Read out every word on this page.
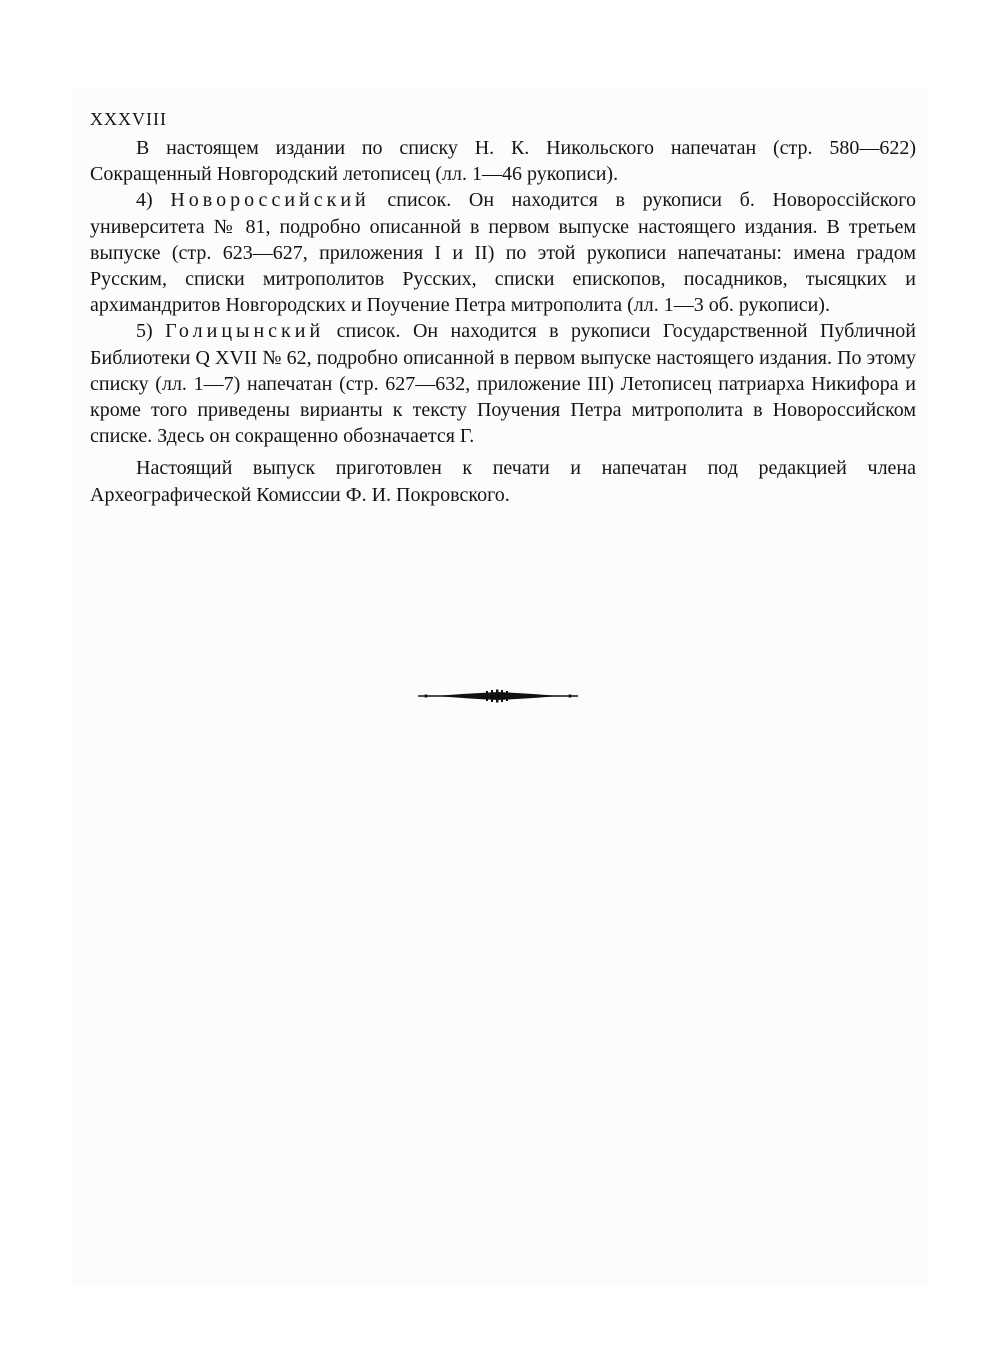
XXXVIII

В настоящем издании по списку Н. К. Никольского напечатан (стр. 580—622) Сокращенный Новгородский летописец (лл. 1—46 рукописи).

4) Новороссийский список. Он находится в рукописи б. Новороссiйского университета № 81, подробно описанной в первом выпуске настоящего издания. В третьем выпуске (стр. 623—627, приложения I и II) по этой рукописи напечатаны: имена градом Русским, списки митрополитов Русских, списки епископов, посадников, тысяцких и архимандритов Новгородских и Поучение Петра митрополита (лл. 1—3 об. рукописи).

5) Голицынский список. Он находится в рукописи Государственной Публичной Библиотеки Q XVII № 62, подробно описанной в первом выпуске настоящего издания. По этому списку (лл. 1—7) напечатан (стр. 627—632, приложение III) Летописец патриарха Никифора и кроме того приведены вирианты к тексту Поучения Петра митрополита в Новороссийском списке. Здесь он сокращенно обозначается Г.

Настоящий выпуск приготовлен к печати и напечатан под редакцией члена Археографической Комиссии Ф. И. Покровского.
